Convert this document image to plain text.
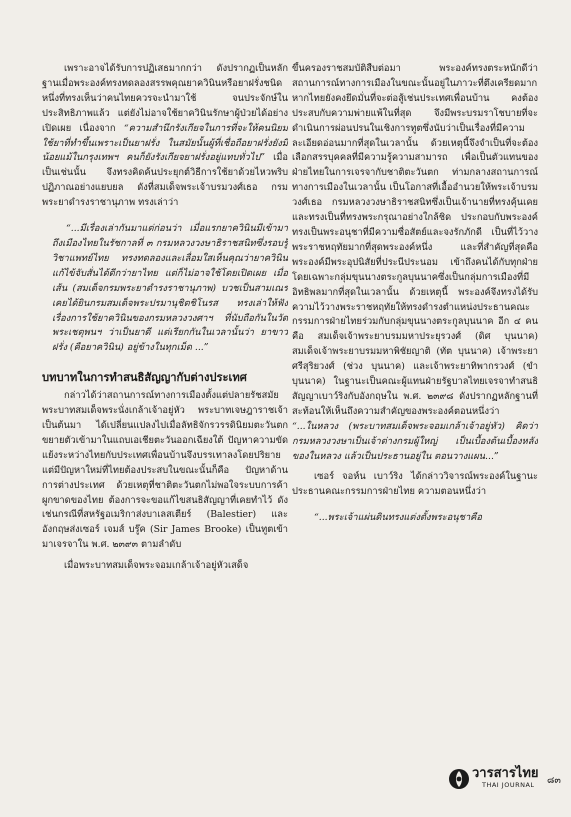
เพราะอาจได้รับการปฏิเสธมากกว่า ดังปรากฏเป็นหลักฐานเมื่อพระองค์ทรงทดลองสรรพคุณยาควินินหรือยาฝรั่งชนิดหนึ่งที่ทรงเห็นว่าคนไทยควรจะนำมาใช้ จนประจักษ์ในประสิทธิภาพแล้ว แต่ยังไม่อาจใช้ยาควินินรักษาผู้ป่วยได้อย่างเปิดเผย เนื่องจาก “ความสำนึกรังเกียจในการที่จะให้คนนิยมใช้ยาที่ทำขึ้นเพราะเป็นยาฝรั่ง ในสมัยนั้นผู้ที่เชื่อถือยาฝรั่งยังมีน้อยแม้ในกรุงเทพฯ คนก็ยังรังเกียจยาฝรั่งอยู่แทบทั่วไป” เมื่อเป็นเช่นนั้น จึงทรงคิดค้นประยุกต์วิธีการใช้ยาด้วยไหวพริบปฏิภาณอย่างแยบยล ดังที่สมเด็จพระเจ้าบรมวงศ์เธอ กรมพระยาดำรงราชานุภาพ ทรงเล่าว่า

“...มีเรื่องเล่ากันมาแต่ก่อนว่า เมื่อแรกยาควินินมีเข้ามาถึงเมืองไทยในรัชกาลที่ ๓ กรมหลวงวงษาธิราชสนิทซึ่งรอบรู้วิชาแพทย์ไทย ทรงทดลองและเลื่อมใสเห็นคุณว่ายาควินินแก้ไข้จับสั่นได้ดีกว่ายาไทย แต่ก็ไม่อาจใช้โดยเปิดเผย เมื่อเส้น (สมเด็จกรมพระยาดำรงราชานุภาพ) บวชเป็นสามเณร เคยได้ยินกรมสมเด็จพระปรมานุชิตชิโนรส ทรงเล่าให้ฟังเรื่องการใช้ยาควินินของกรมหลวงวงศาฯ ที่นับถือกันในวัดพระเชตุพนฯ ว่าเป็นยาดี แต่เรียกกันในเวลานั้นว่า ยาขาวฝรั่ง (คือยาควินิน) อยู่ข้างในทุกเม็ด ...”

บทบาทในการทำสนธิสัญญากับต่างประเทศ

กล่าวได้ว่าสถานการณ์ทางการเมืองตั้งแต่ปลายรัชสมัยพระบาทสมเด็จพระนั่งเกล้าเจ้าอยู่หัว พระบาทเจษฎาราชเจ้า เป็นต้นมา ได้เปลี่ยนแปลงไปเมื่อลัทธิจักรวรรดินิยมตะวันตกขยายตัวเข้ามาในแถบเอเชียตะวันออกเฉียงใต้ ปัญหาความขัดแย้งระหว่างไทยกับประเทศเพื่อนบ้านจึงบรรเทาลงโดยปริยาย แต่มีปัญหาใหม่ที่ไทยต้องประสบในขณะนั้นก็คือ ปัญหาด้านการต่างประเทศ ด้วยเหตุที่ชาติตะวันตกไม่พอใจระบบการค้าผูกขาดของไทย ต้องการจะขอแก้ไขสนธิสัญญาที่เคยทำไว้ ดังเช่นกรณีที่สหรัฐอเมริกาส่งบาเลสเตียร์ (Balestier) และอังกฤษส่งเซอร์ เจมส์ บรู๊ค (Sir James Brooke) เป็นทูตเข้ามาเจรจาใน พ.ศ. ๒๓๙๓ ตามลำดับ

เมื่อพระบาทสมเด็จพระจอมเกล้าเจ้าอยู่หัวเสด็จ

ขึ้นครองราชสมบัติสืบต่อมา พระองค์ทรงตระหนักดีว่าสถานการณ์ทางการเมืองในขณะนั้นอยู่ในภาวะที่ตึงเครียดมาก หากไทยยังคงยึดมั่นที่จะต่อสู้เช่นประเทศเพื่อนบ้าน คงต้องประสบกับความพ่ายแพ้ในที่สุด จึงมีพระบรมราโชบายที่จะดำเนินการผ่อนปรนในเชิงการทูตซึ่งนับว่าเป็นเรื่องที่มีความละเอียดอ่อนมากที่สุดในเวลานั้น ด้วยเหตุนี้จึงจำเป็นที่จะต้องเลือกสรรบุคคลที่มีความรู้ความสามารถ เพื่อเป็นตัวแทนของฝ่ายไทยในการเจรจากับชาติตะวันตก ท่ามกลางสถานการณ์ทางการเมืองในเวลานั้น เป็นโอกาสที่เอื้ออำนวยให้พระเจ้าบรมวงศ์เธอ กรมหลวงวงษาธิราชสนิทซึ่งเป็นเจ้านายที่ทรงคุ้นเคยและทรงเป็นที่ทรงพระกรุณาอย่างใกล้ชิด ประกอบกับพระองค์ทรงเป็นพระอนุชาที่มีความซื่อสัตย์และจงรักภักดี เป็นที่ไว้วางพระราชหฤทัยมากที่สุดพระองค์หนึ่ง และที่สำคัญที่สุดคือ พระองค์มีพระอุปนิสัยที่ประนีประนอม เข้าถึงคนได้กับทุกฝ่าย โดยเฉพาะกลุ่มขุนนางตระกูลบุนนาคซึ่งเป็นกลุ่มการเมืองที่มีอิทธิพลมากที่สุดในเวลานั้น ด้วยเหตุนี้ พระองค์จึงทรงได้รับความไว้วางพระราชหฤทัยให้ทรงดำรงตำแหน่งประธานคณะกรรมการฝ่ายไทยร่วมกับกลุ่มขุนนางตระกูลบุนนาค อีก ๔ คน คือ สมเด็จเจ้าพระยาบรมมหาประยุรวงศ์ (ดิศ บุนนาค) สมเด็จเจ้าพระยาบรมมหาพิชัยญาติ (ทัต บุนนาค) เจ้าพระยาศรีสุริยวงศ์ (ช่วง บุนนาค) และเจ้าพระยาทิพากรวงศ์ (ขำ บุนนาค) ในฐานะเป็นคณะผู้แทนฝ่ายรัฐบาลไทยเจรจาทำสนธิสัญญาเบาว์ริงกับอังกฤษใน พ.ศ. ๒๓๙๘ ดังปรากฏหลักฐานที่สะท้อนให้เห็นถึงความสำคัญของพระองค์ตอนหนึ่งว่า “...ในหลวง (พระบาทสมเด็จพระจอมเกล้าเจ้าอยู่หัว) คิดว่า กรมหลวงวงษาเป็นเจ้าต่างกรมผู้ใหญ่ เป็นเบื้องต้นเบื้องหลังของในหลวง แล้วเป็นประธานอยู่ใน ตอนวางแผน...”

เซอร์ จอห์น เบาว์ริง ได้กล่าววิจารณ์พระองค์ในฐานะประธานคณะกรรมการฝ่ายไทย ความตอนหนึ่งว่า

“...พระเจ้าแผ่นดินทรงแต่งตั้งพระอนุชาคือ

วารสารไทย
THAI JOURNAL ๘๓
